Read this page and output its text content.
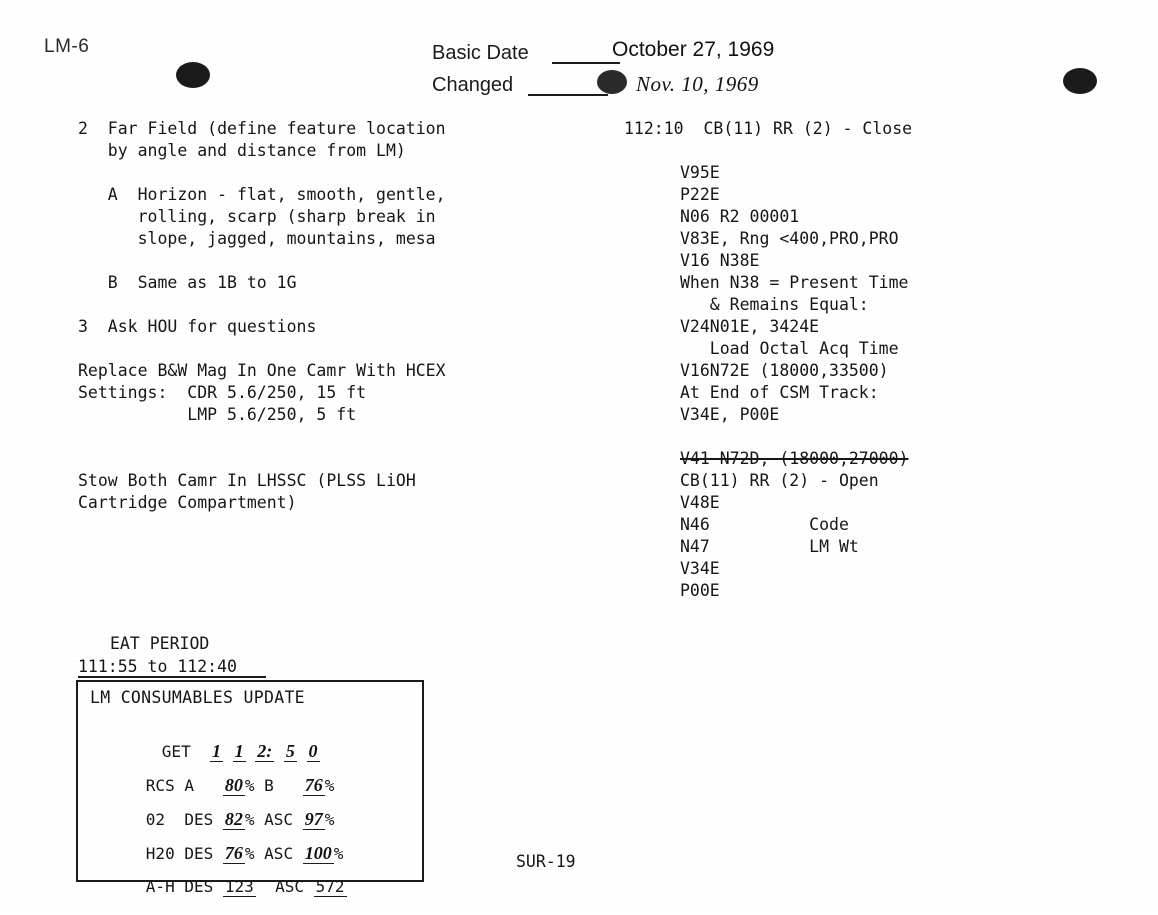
LM-6	Basic Date	October 27, 1969
Changed	Nov. 10, 1969
2  Far Field (define feature location
by angle and distance from LM)
A  Horizon - flat, smooth, gentle,
rolling, scarp (sharp break in
slope, jagged, mountains, mesa
B  Same as 1B to 1G
3  Ask HOU for questions
Replace B&W Mag In One Camr With HCEX
Settings:  CDR 5.6/250, 15 ft
LMP 5.6/250, 5 ft
Stow Both Camr In LHSSC (PLSS LiOH
Cartridge Compartment)
EAT PERIOD
111:55 to 112:40
LM CONSUMABLES UPDATE

GET 1 1 2: 5 0

RCS A 80 % B 76 %

02 DES 82 % ASC 97 %

H20 DES 76 % ASC 100 %

A-H DES 123 ASC 572

112:10 CB(11) RR (2) - Close
V95E
P22E
N06 R2 00001
V83E, Rng <400,PRO,PRO
V16 N38E
When N38 = Present Time
& Remains Equal:
V24N01E, 3424E
Load Octal Acq Time
V16N72E (18000,33500)
At End of CSM Track:
V34E, P00E
V41 N72D, (18000,27000)
CB(11) RR (2) - Open
V48E
N46          Code
N47          LM Wt
V34E
P00E
SUR-19
